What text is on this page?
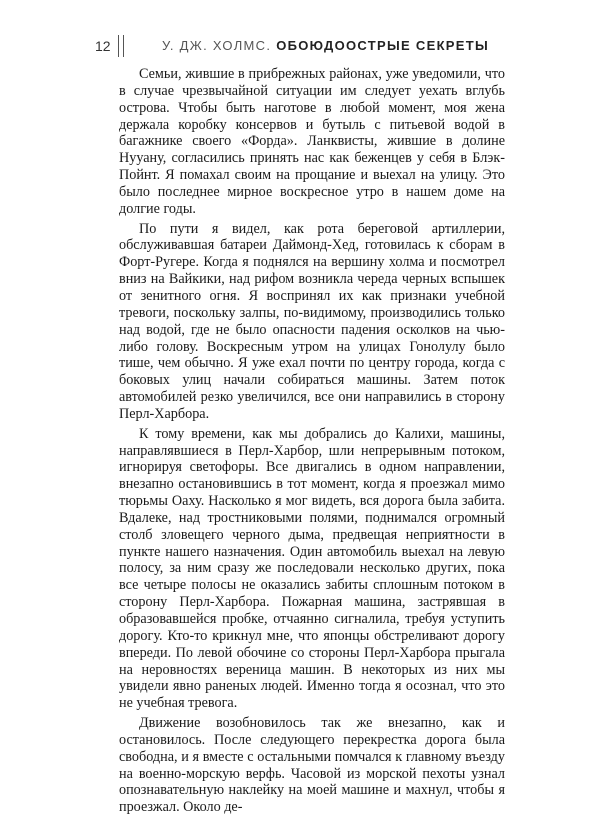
12	У. ДЖ. ХОЛМС. ОБОЮДООСТРЫЕ СЕКРЕТЫ

Семьи, жившие в прибрежных районах, уже уведомили, что в случае чрезвычайной ситуации им следует уехать вглубь острова. Чтобы быть наготове в любой момент, моя жена держала коробку консервов и бутыль с питьевой водой в багажнике своего «Форда». Ланквисты, жившие в долине Нууану, согласились принять нас как беженцев у себя в Блэк-Пойнт. Я помахал своим на прощание и выехал на улицу. Это было последнее мирное воскресное утро в нашем доме на долгие годы.

По пути я видел, как рота береговой артиллерии, обслуживавшая батареи Даймонд-Хед, готовилась к сборам в Форт-Ругере. Когда я поднялся на вершину холма и посмотрел вниз на Вайкики, над рифом возникла череда черных вспышек от зенитного огня. Я воспринял их как признаки учебной тревоги, поскольку залпы, по-видимому, производились только над водой, где не было опасности падения осколков на чью-либо голову. Воскресным утром на улицах Гонолулу было тише, чем обычно. Я уже ехал почти по центру города, когда с боковых улиц начали собираться машины. Затем поток автомобилей резко увеличился, все они направились в сторону Перл-Харбора.

К тому времени, как мы добрались до Калихи, машины, направлявшиеся в Перл-Харбор, шли непрерывным потоком, игнорируя светофоры. Все двигались в одном направлении, внезапно остановившись в тот момент, когда я проезжал мимо тюрьмы Оаху. Насколько я мог видеть, вся дорога была забита. Вдалеке, над тростниковыми полями, поднимался огромный столб зловещего черного дыма, предвещая неприятности в пункте нашего назначения. Один автомобиль выехал на левую полосу, за ним сразу же последовали несколько других, пока все четыре полосы не оказались забиты сплошным потоком в сторону Перл-Харбора. Пожарная машина, застрявшая в образовавшейся пробке, отчаянно сигналила, требуя уступить дорогу. Кто-то крикнул мне, что японцы обстреливают дорогу впереди. По левой обочине со стороны Перл-Харбора прыгала на неровностях вереница машин. В некоторых из них мы увидели явно раненых людей. Именно тогда я осознал, что это не учебная тревога.

Движение возобновилось так же внезапно, как и остановилось. После следующего перекрестка дорога была свободна, и я вместе с остальными помчался к главному въезду на военно-морскую верфь. Часовой из морской пехоты узнал опознавательную наклейку на моей машине и махнул, чтобы я проезжал. Около де-
